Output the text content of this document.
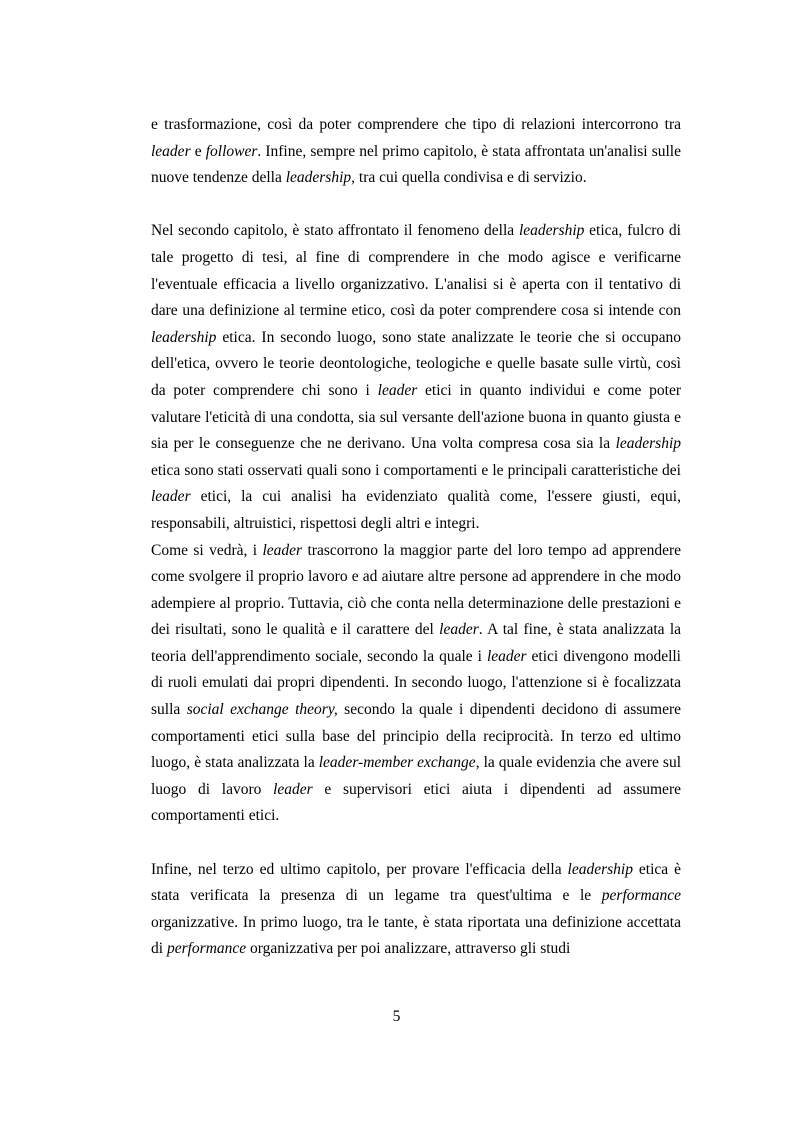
e trasformazione, così da poter comprendere che tipo di relazioni intercorrono tra leader e follower. Infine, sempre nel primo capitolo, è stata affrontata un'analisi sulle nuove tendenze della leadership, tra cui quella condivisa e di servizio.

Nel secondo capitolo, è stato affrontato il fenomeno della leadership etica, fulcro di tale progetto di tesi, al fine di comprendere in che modo agisce e verificarne l'eventuale efficacia a livello organizzativo. L'analisi si è aperta con il tentativo di dare una definizione al termine etico, così da poter comprendere cosa si intende con leadership etica. In secondo luogo, sono state analizzate le teorie che si occupano dell'etica, ovvero le teorie deontologiche, teologiche e quelle basate sulle virtù, così da poter comprendere chi sono i leader etici in quanto individui e come poter valutare l'eticità di una condotta, sia sul versante dell'azione buona in quanto giusta e sia per le conseguenze che ne derivano. Una volta compresa cosa sia la leadership etica sono stati osservati quali sono i comportamenti e le principali caratteristiche dei leader etici, la cui analisi ha evidenziato qualità come, l'essere giusti, equi, responsabili, altruistici, rispettosi degli altri e integri.

Come si vedrà, i leader trascorrono la maggior parte del loro tempo ad apprendere come svolgere il proprio lavoro e ad aiutare altre persone ad apprendere in che modo adempiere al proprio. Tuttavia, ciò che conta nella determinazione delle prestazioni e dei risultati, sono le qualità e il carattere del leader. A tal fine, è stata analizzata la teoria dell'apprendimento sociale, secondo la quale i leader etici divengono modelli di ruoli emulati dai propri dipendenti. In secondo luogo, l'attenzione si è focalizzata sulla social exchange theory, secondo la quale i dipendenti decidono di assumere comportamenti etici sulla base del principio della reciprocità. In terzo ed ultimo luogo, è stata analizzata la leader-member exchange, la quale evidenzia che avere sul luogo di lavoro leader e supervisori etici aiuta i dipendenti ad assumere comportamenti etici.

Infine, nel terzo ed ultimo capitolo, per provare l'efficacia della leadership etica è stata verificata la presenza di un legame tra quest'ultima e le performance organizzative. In primo luogo, tra le tante, è stata riportata una definizione accettata di performance organizzativa per poi analizzare, attraverso gli studi

5
